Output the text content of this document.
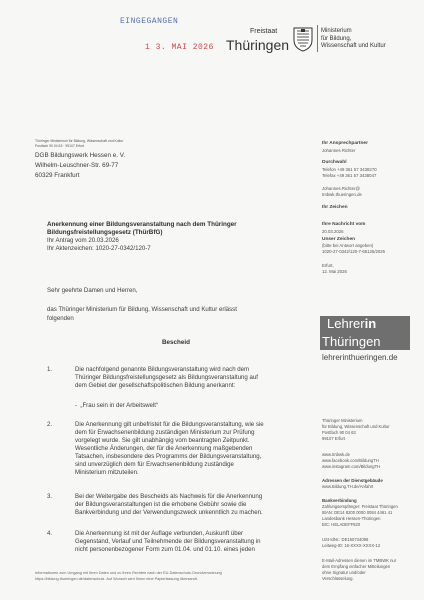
EINGEGANGEN
1 3. MAI 2026
Freistaat
Thüringen
Ministerium
für Bildung,
Wissenschaft und Kultur
Thüringer Ministerium für Bildung, Wissenschaft und Kultur
Postfach 90 04 63 · 99107 Erfurt
DGB Bildungswerk Hessen e. V.
Wilhelm-Leuschner-Str. 69-77
60329 Frankfurt
Ihr Ansprechpartner
Johannes Richter
Durchwahl
Telefon +49 361 57 3438270
Telefax +49 361 57 3438047
Johannes.Richter@
tmbwk.thueringen.de
Ihr Zeichen
Ihre Nachricht vom
20.03.2026
Unser Zeichen
(bitte bei Antwort angeben)
1020-27-0342/120-7-65125/2026
Erfurt,
12. Mai 2026
Anerkennung einer Bildungsveranstaltung nach dem Thüringer
Bildungsfreistellungsgesetz (ThürBfG)
Ihr Antrag vom 20.03.2026
Ihr Aktenzeichen: 1020-27-0342/120-7
Sehr geehrte Damen und Herren,
das Thüringer Ministerium für Bildung, Wissenschaft und Kultur erlässt
folgenden
Bescheid
1.	Die nachfolgend genannte Bildungsveranstaltung wird nach dem
Thüringer Bildungsfreistellungsgesetz als Bildungsveranstaltung auf
dem Gebiet der gesellschaftspolitischen Bildung anerkannt:
-  „Frau sein in der Arbeitswelt“
2.	Die Anerkennung gilt unbefristet für die Bildungsveranstaltung, wie sie
dem für Erwachsenenbildung zuständigen Ministerium zur Prüfung
vorgelegt wurde. Sie gilt unabhängig vom beantragten Zeitpunkt.
Wesentliche Änderungen, der für die Anerkennung maßgebenden
Tatsachen, insbesondere des Programms der Bildungsveranstaltung,
sind unverzüglich dem für Erwachsenenbildung zuständige
Ministerium mitzuteilen.
3.	Bei der Weitergabe des Bescheids als Nachweis für die Anerkennung
der Bildungsveranstaltungen ist die erhobene Gebühr sowie die
Bankverbindung und der Verwendungszweck unkenntlich zu machen.
4.	Die Anerkennung ist mit der Auflage verbunden, Auskunft über
Gegenstand, Verlauf und Teilnehmende der Bildungsveranstaltung in
nicht personenbezogener Form zum 01.04. und 01.10. eines jeden
Lehrerin
Thüringen
lehrerinthueringen.de
Thüringer Ministerium
für Bildung, Wissenschaft und Kultur
Postfach 90 04 63
99107 Erfurt
www.tmbwk.de
www.facebook.com/BildungTH
www.instagram.com/BildungTH
Adressen der Dienstgebäude
www.Bildung.TH.de/Anfahrt
Bankverbindung
Zahlungsempfänger: Freistaat Thüringen
IBAN: DE14 8200 0000 0084 4461 41
Landesbank Hessen-Thüringen
BIC: HELADEFF820
USt-IdNr.: DE150734096
Leitweg-ID: 16-XXXX-XXXX-12
E-Mail-Adressen dienen im TMBWK nur
dem Empfang einfacher Mitteilungen
ohne Signatur und/oder
Verschlüsselung.
Informationen zum Umgang mit Ihren Daten und zu Ihren Rechten nach der EU-Datenschutz-Grundverordnung
https://bildung.thueringen.de/datenschutz. Auf Wunsch wird Ihnen eine Papierfassung übersandt.
